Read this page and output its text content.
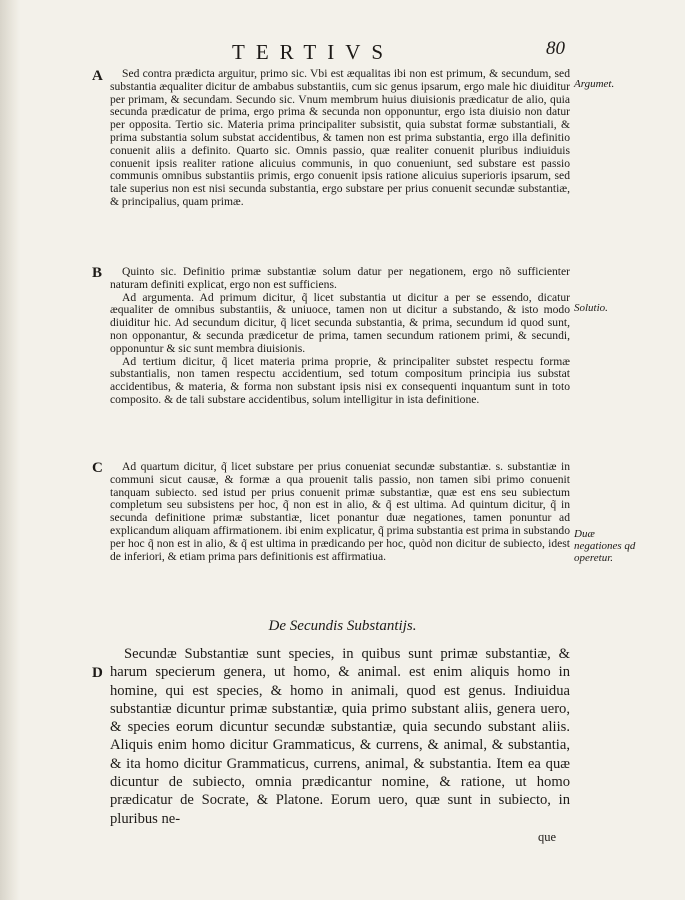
TERTIVS	80
A
B
C
D
Argumet.
Solutio.
Duæ negationes qd operetur.

Sed contra prædicta arguitur, primo sic. Vbi est æqualitas ibi non est primum, & secundum, sed substantia æqualiter dicitur de ambabus substantiis, cum sic genus ipsarum, ergo male hic diuiditur per primam, & secundam. Secundo sic. Vnum membrum huius diuisionis prædicatur de alio, quia secunda prædicatur de prima, ergo prima & secunda non opponuntur, ergo ista diuisio non datur per opposita. Tertio sic. Materia prima principaliter subsistit, quia substat formæ substantiali, & prima substantia solum substat accidentibus, & tamen non est prima substantia, ergo illa definitio conuenit aliis a definito. Quarto sic. Omnis passio, quæ realiter conuenit pluribus indiuiduis conuenit ipsis realiter ratione alicuius communis, in quo conueniunt, sed substare est passio communis omnibus substantiis primis, ergo conuenit ipsis ratione alicuius superioris ipsarum, sed tale superius non est nisi secunda substantia, ergo substare per prius conuenit secundæ substantiæ, & principalius, quam primæ.

Quinto sic. Definitio primæ substantiæ solum datur per negationem, ergo nõ sufficienter naturam definiti explicat, ergo non est sufficiens.

Ad argumenta. Ad primum dicitur, q̃ licet substantia ut dicitur a per se essendo, dicatur æqualiter de omnibus substantiis, & uniuoce, tamen non ut dicitur a substando, & isto modo diuiditur hic. Ad secundum dicitur, q̃ licet secunda substantia, & prima, secundum id quod sunt, non opponantur, & secunda prædicetur de prima, tamen secundum rationem primi, & secundi, opponuntur & sic sunt membra diuisionis.

Ad tertium dicitur, q̃ licet materia prima proprie, & principaliter substet respectu formæ substantialis, non tamen respectu accidentium, sed totum compositum principia ius substat accidentibus, & materia, & forma non substant ipsis nisi ex consequenti inquantum sunt in toto composito. & de tali substare accidentibus, solum intelligitur in ista definitione.

Ad quartum dicitur, q̃ licet substare per prius conueniat secundæ substantiæ. s. substantiæ in communi sicut causæ, & formæ a qua prouenit talis passio, non tamen sibi primo conuenit tanquam subiecto. sed istud per prius conuenit primæ substantiæ, quæ est ens seu subiectum completum seu subsistens per hoc, q̃ non est in alio, & q̃ est ultima. Ad quintum dicitur, q̃ in secunda definitione primæ substantiæ, licet ponantur duæ negationes, tamen ponuntur ad explicandum aliquam affirmationem. ibi enim explicatur, q̃ prima substantia est prima in substando per hoc q̃ non est in alio, & q̃ est ultima in prædicando per hoc, quòd non dicitur de subiecto, idest de inferiori, & etiam prima pars definitionis est affirmatiua.

De Secundis Substantijs.

Secundæ Substantiæ sunt species, in quibus sunt primæ substantiæ, & harum specierum genera, ut homo, & animal. est enim aliquis homo in homine, qui est species, & homo in animali, quod est genus. Indiuidua substantiæ dicuntur primæ substantiæ, quia primo substant aliis, genera uero, & species eorum dicuntur secundæ substantiæ, quia secundo substant aliis. Aliquis enim homo dicitur Grammaticus, & currens, & animal, & substantia, & ita homo dicitur Grammaticus, currens, animal, & substantia. Item ea quæ dicuntur de subiecto, omnia prædicantur nomine, & ratione, ut homo prædicatur de Socrate, & Platone. Eorum uero, quæ sunt in subiecto, in pluribus ne-

que
